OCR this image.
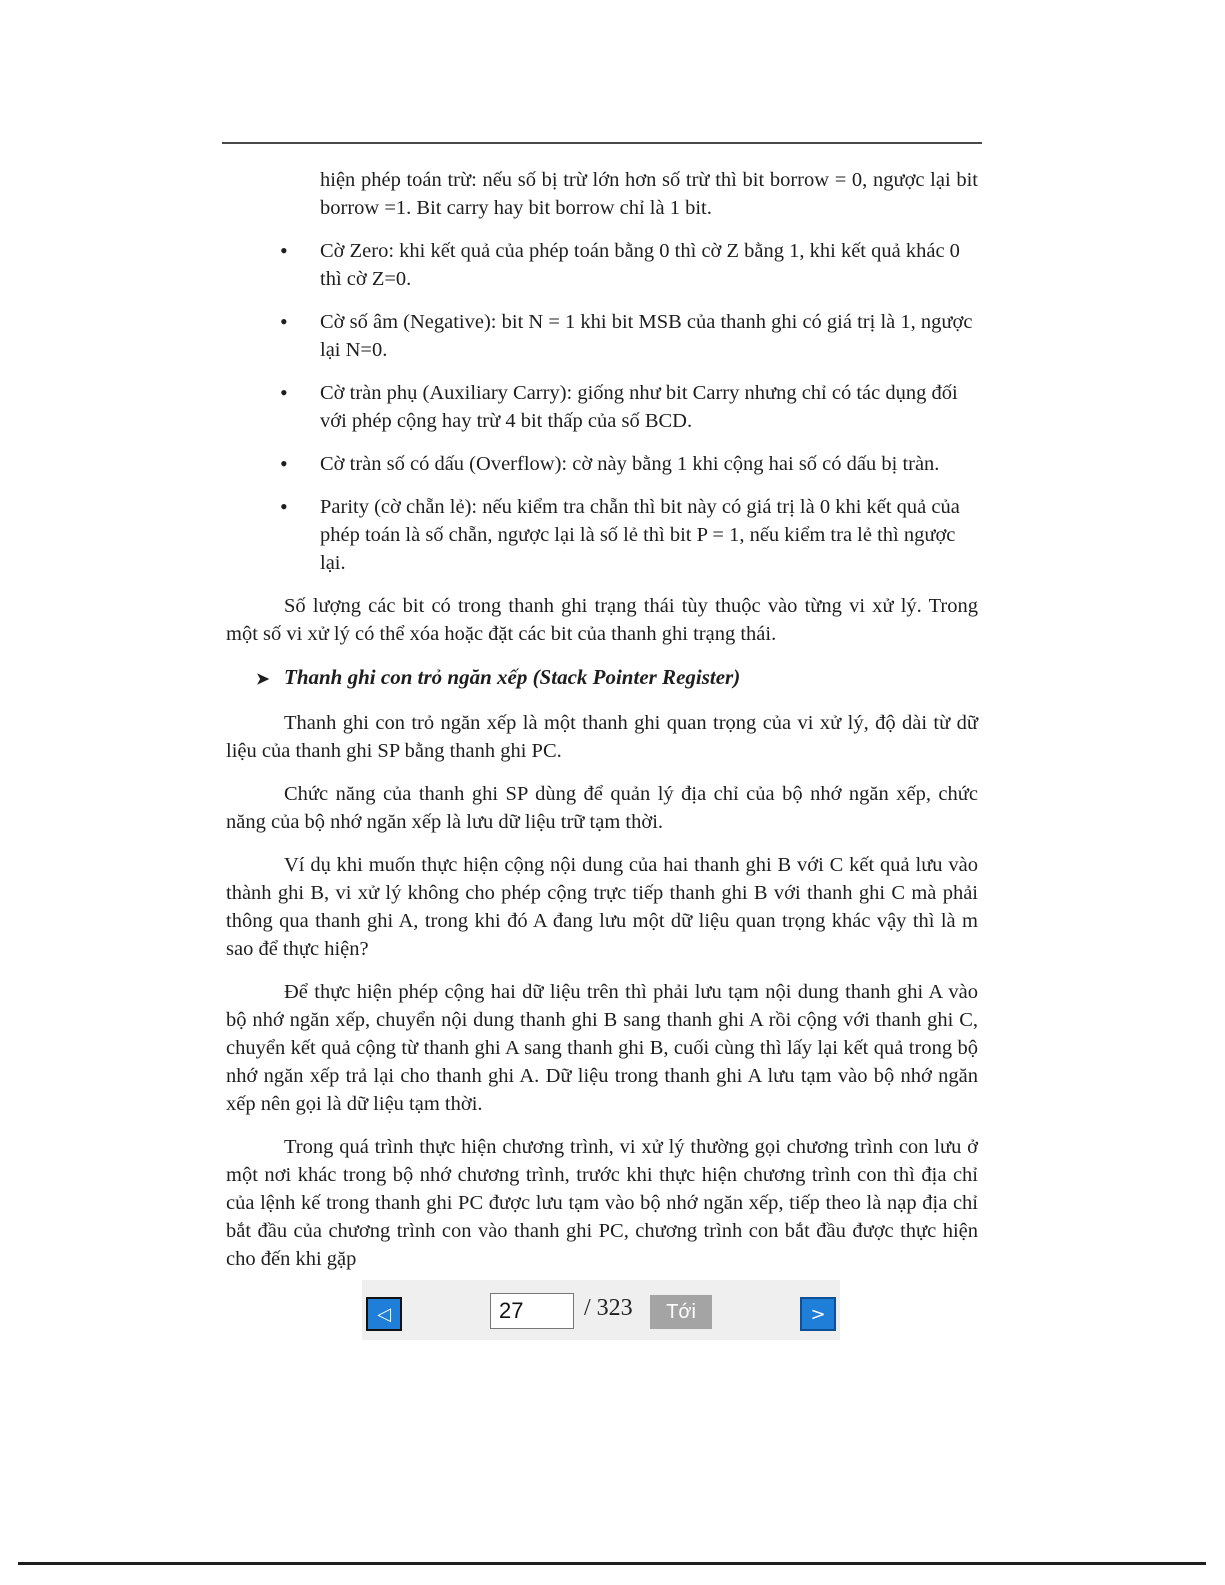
hiện phép toán trừ: nếu số bị trừ lớn hơn số trừ thì bit borrow = 0, ngược lại bit borrow =1. Bit carry hay bit borrow chỉ là 1 bit.

• Cờ Zero: khi kết quả của phép toán bằng 0 thì cờ Z bằng 1, khi kết quả khác 0 thì cờ Z=0.
• Cờ số âm (Negative): bit N = 1 khi bit MSB của thanh ghi có giá trị là 1, ngược lại N=0.
• Cờ tràn phụ (Auxiliary Carry): giống như bit Carry nhưng chỉ có tác dụng đối với phép cộng hay trừ 4 bit thấp của số BCD.
• Cờ tràn số có dấu (Overflow): cờ này bằng 1 khi cộng hai số có dấu bị tràn.
• Parity (cờ chẵn lẻ): nếu kiểm tra chẵn thì bit này có giá trị là 0 khi kết quả của phép toán là số chẵn, ngược lại là số lẻ thì bit P = 1, nếu kiểm tra lẻ thì ngược lại.

Số lượng các bit có trong thanh ghi trạng thái tùy thuộc vào từng vi xử lý. Trong một số vi xử lý có thể xóa hoặc đặt các bit của thanh ghi trạng thái.

➤ Thanh ghi con trỏ ngăn xếp (Stack Pointer Register)

Thanh ghi con trỏ ngăn xếp là một thanh ghi quan trọng của vi xử lý, độ dài từ dữ liệu của thanh ghi SP bằng thanh ghi PC.

Chức năng của thanh ghi SP dùng để quản lý địa chỉ của bộ nhớ ngăn xếp, chức năng của bộ nhớ ngăn xếp là lưu dữ liệu trữ tạm thời.

Ví dụ khi muốn thực hiện cộng nội dung của hai thanh ghi B với C kết quả lưu vào thành ghi B, vi xử lý không cho phép cộng trực tiếp thanh ghi B với thanh ghi C mà phải thông qua thanh ghi A, trong khi đó A đang lưu một dữ liệu quan trọng khác vậy thì là m sao để thực hiện?

Để thực hiện phép cộng hai dữ liệu trên thì phải lưu tạm nội dung thanh ghi A vào bộ nhớ ngăn xếp, chuyển nội dung thanh ghi B sang thanh ghi A rồi cộng với thanh ghi C, chuyển kết quả cộng từ thanh ghi A sang thanh ghi B, cuối cùng thì lấy lại kết quả trong bộ nhớ ngăn xếp trả lại cho thanh ghi A. Dữ liệu trong thanh ghi A lưu tạm vào bộ nhớ ngăn xếp nên gọi là dữ liệu tạm thời.

Trong quá trình thực hiện chương trình, vi xử lý thường gọi chương trình con lưu ở một nơi khác trong bộ nhớ chương trình, trước khi thực hiện chương trình con thì địa chỉ của lệnh kế trong thanh ghi PC được lưu tạm vào bộ nhớ ngăn xếp, tiếp theo là nạp địa chỉ bắt đầu của chương trình con vào thanh ghi PC, chương trình con bắt đầu được thực hiện cho đến khi gặp

◁
27	/ 323	Tới	>
